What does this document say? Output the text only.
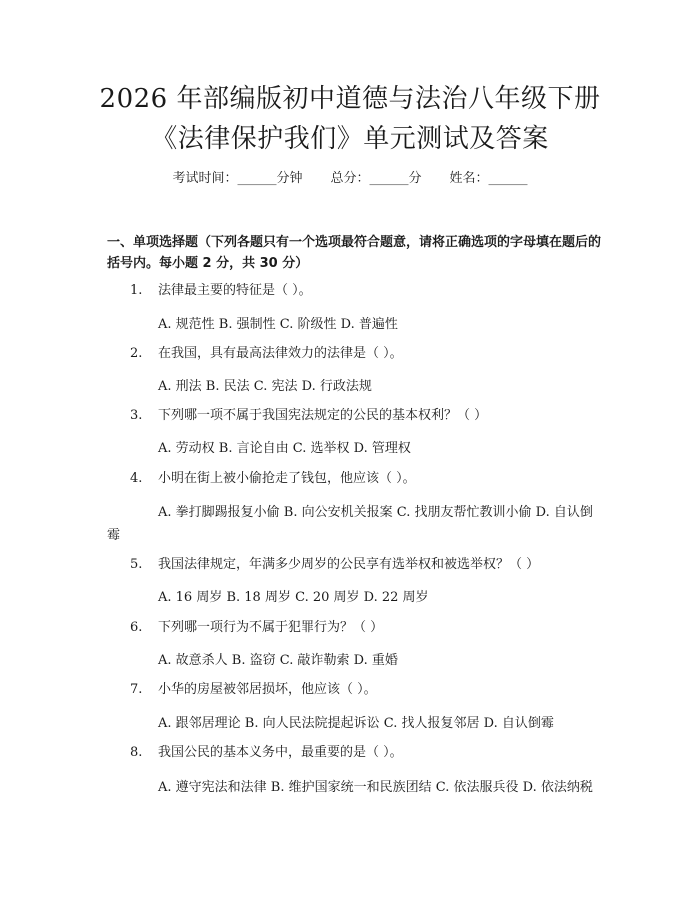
2026 年部编版初中道德与法治八年级下册
《法律保护我们》单元测试及答案
考试时间：______分钟 总分：______分 姓名：______
一、单项选择题（下列各题只有一个选项最符合题意，请将正确选项的字母填在题后的括号内。每小题 2 分，共 30 分）
1. 法律最主要的特征是（ ）。
A. 规范性 B. 强制性 C. 阶级性 D. 普遍性
2. 在我国，具有最高法律效力的法律是（ ）。
A. 刑法 B. 民法 C. 宪法 D. 行政法规
3. 下列哪一项不属于我国宪法规定的公民的基本权利？（ ）
A. 劳动权 B. 言论自由 C. 选举权 D. 管理权
4. 小明在街上被小偷抢走了钱包，他应该（ ）。
A. 拳打脚踢报复小偷 B. 向公安机关报案 C. 找朋友帮忙教训小偷 D. 自认倒霉
5. 我国法律规定，年满多少周岁的公民享有选举权和被选举权？（ ）
A. 16 周岁 B. 18 周岁 C. 20 周岁 D. 22 周岁
6. 下列哪一项行为不属于犯罪行为？（ ）
A. 故意杀人 B. 盗窃 C. 敲诈勒索 D. 重婚
7. 小华的房屋被邻居损坏，他应该（ ）。
A. 跟邻居理论 B. 向人民法院提起诉讼 C. 找人报复邻居 D. 自认倒霉
8. 我国公民的基本义务中，最重要的是（ ）。
A. 遵守宪法和法律 B. 维护国家统一和民族团结 C. 依法服兵役 D. 依法纳税
